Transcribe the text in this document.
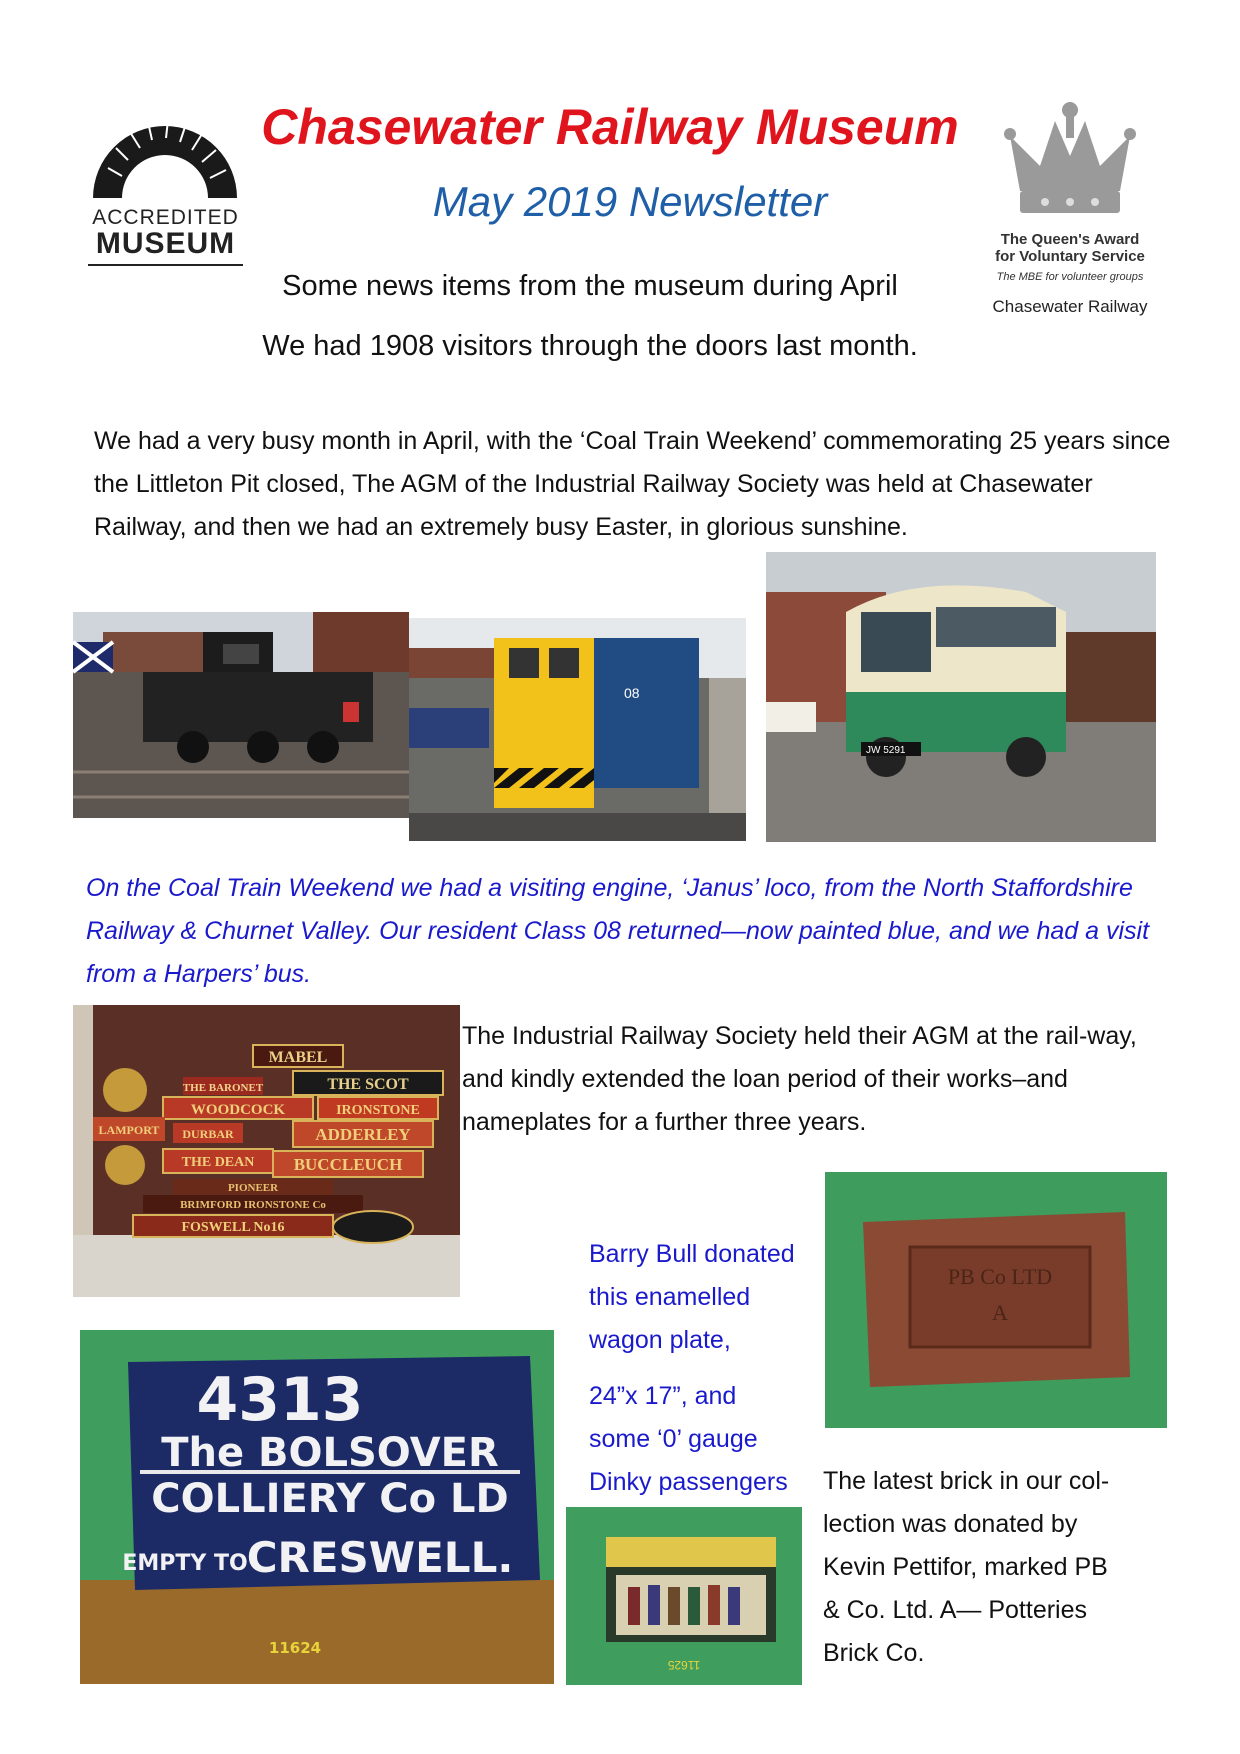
ACCREDITED
MUSEUM
Chasewater Railway Museum
May 2019 Newsletter
The Queen's Award
for Voluntary Service
The MBE for volunteer groups
Chasewater Railway
Some news items from the museum during April
We had 1908 visitors through the doors last month.
We had a very busy month in April, with the ‘Coal Train Weekend’ commemorating 25 years since the Littleton Pit closed, The AGM of the Industrial Railway Society was held at Chasewater Railway, and then we had an extremely busy Easter, in glorious sunshine.
08
JW 5291
On the Coal Train Weekend we had a visiting engine, ‘Janus’ loco, from the North Staffordshire Railway & Churnet Valley. Our resident Class 08 returned—now painted blue, and we had a visit from a Harpers’ bus.
MABEL
THE SCOT
THE BARONET
WOODCOCK	IRONSTONE
DURBAR	ADDERLEY
LAMPORT
THE DEAN BUCCLEUCH
PIONEER
BRIMFORD IRONSTONE Co
FOSWELL No16
The Industrial Railway Society held their AGM at the rail-way, and kindly extended the loan period of their works–and nameplates for a further three years.
Barry Bull donated
this enamelled
wagon plate,
24”x 17”, and
some ‘0’ gauge
Dinky passengers
PB Co LTD
A
4313
The BOLSOVER
COLLIERY Co LD
EMPTY TO CRESWELL.
11624
11625
The latest brick in our col-
lection was donated by
Kevin Pettifor, marked PB
& Co. Ltd. A— Potteries
Brick Co.
